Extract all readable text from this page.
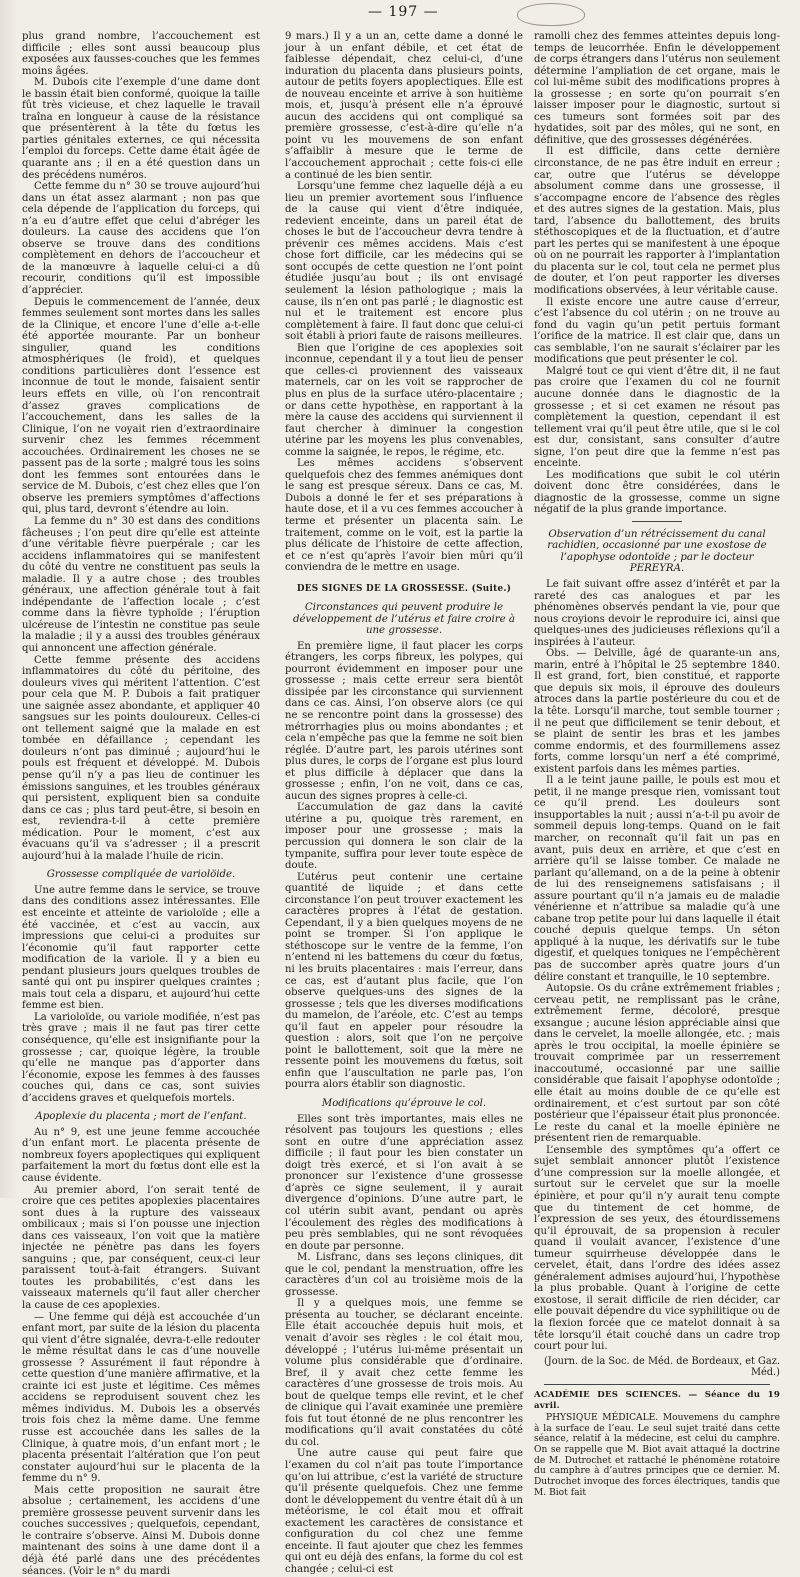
— 197 —

plus grand nombre, l’accouchement est difficile ; elles sont aussi beaucoup plus exposées aux fausses-couches que les femmes moins âgées.

M. Dubois cite l’exemple d’une dame dont le bassin était bien conformé, quoique la taille fût très vicieuse, et chez laquelle le travail traîna en longueur à cause de la résistance que présentèrent à la tête du fœtus les parties génitales externes, ce qui nécessita l’emploi du forceps. Cette dame était âgée de quarante ans ; il en a été question dans un des précédens numéros.

Cette femme du n° 30 se trouve aujourd’hui dans un état assez alarmant ; non pas que cela dépende de l’application du forceps, qui n’a eu d’autre effet que celui d’abréger les douleurs. La cause des accidens que l’on observe se trouve dans des conditions complètement en dehors de l’accoucheur et de la manœuvre à laquelle celui-ci a dû recourir, conditions qu’il est impossible d’apprécier.

Depuis le commencement de l’année, deux femmes seulement sont mortes dans les salles de la Clinique, et encore l’une d’elle a-t-elle été apportée mourante. Par un bonheur singulier, quand les conditions atmosphériques (le froid), et quelques conditions particulières dont l’essence est inconnue de tout le monde, faisaient sentir leurs effets en ville, où l’on rencontrait d’assez graves complications de l’accouchement, dans les salles de la Clinique, l’on ne voyait rien d’extraordinaire survenir chez les femmes récemment accouchées. Ordinairement les choses ne se passent pas de la sorte ; malgré tous les soins dont les femmes sont entourées dans le service de M. Dubois, c’est chez elles que l’on observe les premiers symptômes d’affections qui, plus tard, devront s’étendre au loin.

La femme du n° 30 est dans des conditions fâcheuses ; l’on peut dire qu’elle est atteinte d’une véritable fièvre puerpérale ; car les accidens inflammatoires qui se manifestent du côté du ventre ne constituent pas seuls la maladie. Il y a autre chose ; des troubles généraux, une affection générale tout à fait indépendante de l’affection locale ; c’est comme dans la fièvre typhoïde ; l’éruption ulcéreuse de l’intestin ne constitue pas seule la maladie ; il y a aussi des troubles généraux qui annoncent une affection générale.

Cette femme présente des accidens inflammatoires du côté du péritoine, des douleurs vives qui méritent l’attention. C’est pour cela que M. P. Dubois a fait pratiquer une saignée assez abondante, et appliquer 40 sangsues sur les points douloureux. Celles-ci ont tellement saigné que la malade en est tombée en défaillance ; cependant les douleurs n’ont pas diminué ; aujourd’hui le pouls est fréquent et développé. M. Dubois pense qu’il n’y a pas lieu de continuer les émissions sanguines, et les troubles généraux qui persistent, expliquent bien sa conduite dans ce cas ; plus tard peut-être, si besoin en est, reviendra-t-il à cette première médication. Pour le moment, c’est aux évacuans qu’il va s’adresser ; il a prescrit aujourd’hui à la malade l’huile de ricin.

Grossesse compliquée de variolöide.

Une autre femme dans le service, se trouve dans des conditions assez intéressantes. Elle est enceinte et atteinte de varioloïde ; elle a été vaccinée, et c’est au vaccin, aux impressions que celui-ci a produites sur l’économie qu’il faut rapporter cette modification de la variole. Il y a bien eu pendant plusieurs jours quelques troubles de santé qui ont pu inspirer quelques craintes ; mais tout cela a disparu, et aujourd’hui cette femme est bien.

La varioloïde, ou variole modifiée, n’est pas très grave ; mais il ne faut pas tirer cette conséquence, qu’elle est insignifiante pour la grossesse ; car, quoique légère, la trouble qu’elle ne manque pas d’apporter dans l’économie, expose les femmes à des fausses couches qui, dans ce cas, sont suivies d’accidens graves et quelquefois mortels.

Apoplexie du placenta ; mort de l’enfant.

Au n° 9, est une jeune femme accouchée d’un enfant mort. Le placenta présente de nombreux foyers apoplectiques qui expliquent parfaitement la mort du fœtus dont elle est la cause évidente.

Au premier abord, l’on serait tenté de croire que ces petites apoplexies placentaires sont dues à la rupture des vaisseaux ombilicaux ; mais si l’on pousse une injection dans ces vaisseaux, l’on voit que la matière injectée ne pénètre pas dans les foyers sanguins ; que, par conséquent, ceux-ci leur paraissent tout-à-fait étrangers. Suivant toutes les probabilités, c’est dans les vaisseaux maternels qu’il faut aller chercher la cause de ces apoplexies.

— Une femme qui déjà est accouchée d’un enfant mort, par suite de la lésion du placenta qui vient d’être signalée, devra-t-elle redouter le même résultat dans le cas d’une nouvelle grossesse ? Assurément il faut répondre à cette question d’une manière affirmative, et la crainte ici est juste et légitime. Ces mêmes accidens se reproduisent souvent chez les mêmes individus. M. Dubois les a observés trois fois chez la même dame. Une femme russe est accouchée dans les salles de la Clinique, à quatre mois, d’un enfant mort ; le placenta présentait l’altération que l’on peut constater aujourd’hui sur le placenta de la femme du n° 9.

Mais cette proposition ne saurait être absolue ; certainement, les accidens d’une première grossesse peuvent survenir dans les couches successives ; quelquefois, cependant, le contraire s’observe. Ainsi M. Dubois donne maintenant des soins à une dame dont il a déjà été parlé dans une des précédentes séances. (Voir le n° du mardi

9 mars.) Il y a un an, cette dame a donné le jour à un enfant débile, et cet état de faiblesse dépendait, chez celui-ci, d’une induration du placenta dans plusieurs points, autour de petits foyers apoplectiques. Elle est de nouveau enceinte et arrive à son huitième mois, et, jusqu’à présent elle n’a éprouvé aucun des accidens qui ont compliqué sa première grossesse, c’est-à-dire qu’elle n’a point vu les mouvemens de son enfant s’affaiblir à mesure que le terme de l’accouchement approchait ; cette fois-ci elle a continué de les bien sentir.

Lorsqu’une femme chez laquelle déjà a eu lieu un premier avortement sous l’influence de la cause qui vient d’être indiquée, redevient enceinte, dans un pareil état de choses le but de l’accoucheur devra tendre à prévenir ces mêmes accidens. Mais c’est chose fort difficile, car les médecins qui se sont occupés de cette question ne l’ont point étudiée jusqu’au bout ; ils ont envisagé seulement la lésion pathologique ; mais la cause, ils n’en ont pas parlé ; le diagnostic est nul et le traitement est encore plus complètement à faire. Il faut donc que celui-ci soit établi à priori faute de raisons meilleures.

Bien que l’origine de ces apoplexies soit inconnue, cependant il y a tout lieu de penser que celles-ci proviennent des vaisseaux maternels, car on les voit se rapprocher de plus en plus de la surface utéro-placentaire ; or dans cette hypothèse, en rapportant à la mère la cause des accidens qui surviennent il faut chercher à diminuer la congestion utérine par les moyens les plus convenables, comme la saignée, le repos, le régime, etc.

Les mêmes accidens s’observent quelquefois chez des femmes anémiques dont le sang est presque séreux. Dans ce cas, M. Dubois a donné le fer et ses préparations à haute dose, et il a vu ces femmes accoucher à terme et présenter un placenta sain. Le traitement, comme on le voit, est la partie la plus délicate de l’histoire de cette affection, et ce n’est qu’après l’avoir bien mûri qu’il conviendra de le mettre en usage.

DES SIGNES DE LA GROSSESSE. (Suite.)
Circonstances qui peuvent produire le développement de l’utérus et faire croire à une grossesse.

En première ligne, il faut placer les corps étrangers, les corps fibreux, les polypes, qui pourront évidemment en imposer pour une grossesse ; mais cette erreur sera bientôt dissipée par les circonstance qui surviennent dans ce cas. Ainsi, l’on observe alors (ce qui ne se rencontre point dans la grossesse) des métrorrhagies plus ou moins abondantes ; et cela n’empêche pas que la femme ne soit bien réglée. D’autre part, les parois utérines sont plus dures, le corps de l’organe est plus lourd et plus difficile à déplacer que dans la grossesse ; enfin, l’on ne voit, dans ce cas, aucun des signes propres à celle-ci.

L’accumulation de gaz dans la cavité utérine a pu, quoique très rarement, en imposer pour une grossesse ; mais la percussion qui donnera le son clair de la tympanite, suffira pour lever toute espèce de doute.

L’utérus peut contenir une certaine quantité de liquide ; et dans cette circonstance l’on peut trouver exactement les caractères propres à l’état de gestation. Cependant, il y a bien quelques moyens de ne point se tromper. Si l’on applique le stéthoscope sur le ventre de la femme, l’on n’entend ni les battemens du cœur du fœtus, ni les bruits placentaires : mais l’erreur, dans ce cas, est d’autant plus facile, que l’on observe quelques-uns des signes de la grossesse ; tels que les diverses modifications du mamelon, de l’aréole, etc. C’est au temps qu’il faut en appeler pour résoudre la question : alors, soit que l’on ne perçoive point le ballottement, soit que la mère ne ressente point les mouvemens du fœtus, soit enfin que l’auscultation ne parle pas, l’on pourra alors établir son diagnostic.

Modifications qu’éprouve le col.

Elles sont très importantes, mais elles ne résolvent pas toujours les questions ; elles sont en outre d’une appréciation assez difficile ; il faut pour les bien constater un doigt très exercé, et si l’on avait à se prononcer sur l’existence d’une grossesse d’après ce signe seulement, il y aurait divergence d’opinions. D’une autre part, le col utérin subit avant, pendant ou après l’écoulement des règles des modifications à peu près semblables, qui ne sont révoquées en doute par personne.

M. Lisfranc, dans ses leçons cliniques, dit que le col, pendant la menstruation, offre les caractères d’un col au troisième mois de la grossesse.

Il y a quelques mois, une femme se présenta au toucher, se déclarant enceinte. Elle était accouchée depuis huit mois, et venait d’avoir ses règles : le col était mou, développé ; l’utérus lui-même présentait un volume plus considérable que d’ordinaire. Bref, il y avait chez cette femme les caractères d’une grossesse de trois mois. Au bout de quelque temps elle revint, et le chef de clinique qui l’avait examinée une première fois fut tout étonné de ne plus rencontrer les modifications qu’il avait constatées du côté du col.

Une autre cause qui peut faire que l’examen du col n’ait pas toute l’importance qu’on lui attribue, c’est la variété de structure qu’il présente quelquefois. Chez une femme dont le développement du ventre était dû à un météorisme, le col était mou et offrait exactement les caractères de consistance et configuration du col chez une femme enceinte. Il faut ajouter que chez les femmes qui ont eu déjà des enfans, la forme du col est changée ; celui-ci est

ramolli chez des femmes atteintes depuis long-temps de leucorrhée. Enfin le développement de corps étrangers dans l’utérus non seulement détermine l’ampliation de cet organe, mais le col lui-même subit des modifications propres à la grossesse ; en sorte qu’on pourrait s’en laisser imposer pour le diagnostic, surtout si ces tumeurs sont formées soit par des hydatides, soit par des môles, qui ne sont, en définitive, que des grossesses dégénérées.

Il est difficile, dans cette dernière circonstance, de ne pas être induit en erreur ; car, outre que l’utérus se développe absolument comme dans une grossesse, il s’accompagne encore de l’absence des règles et des autres signes de la gestation. Mais, plus tard, l’absence du ballottement, des bruits stéthoscopiques et de la fluctuation, et d’autre part les pertes qui se manifestent à une époque où on ne pourrait les rapporter à l’implantation du placenta sur le col, tout cela ne permet plus de douter, et l’on peut rapporter les diverses modifications observées, à leur véritable cause.

Il existe encore une autre cause d’erreur, c’est l’absence du col utérin ; on ne trouve au fond du vagin qu’un petit pertuis formant l’orifice de la matrice. Il est clair que, dans un cas semblable, l’on ne saurait s’éclairer par les modifications que peut présenter le col.

Malgré tout ce qui vient d’être dit, il ne faut pas croire que l’examen du col ne fournit aucune donnée dans le diagnostic de la grossesse ; et si cet examen ne résout pas complètement la question, cependant il est tellement vrai qu’il peut être utile, que si le col est dur, consistant, sans consulter d’autre signe, l’on peut dire que la femme n’est pas enceinte.

Les modifications que subit le col utérin doivent donc être considérées, dans le diagnostic de la grossesse, comme un signe négatif de la plus grande importance.

Observation d’un rétrécissement du canal rachidien, occasionné par une exostose de l’apophyse odontoïde ; par le docteur PEREYRA.

Le fait suivant offre assez d’intérêt et par la rareté des cas analogues et par les phénomènes observés pendant la vie, pour que nous croyions devoir le reproduire ici, ainsi que quelques-unes des judicieuses réflexions qu’il a inspirées à l’auteur.

Obs. — Delville, âgé de quarante-un ans, marin, entré à l’hôpital le 25 septembre 1840. Il est grand, fort, bien constitué, et rapporte que depuis six mois, il éprouve des douleurs atroces dans la partie postérieure du cou et de la tête. Lorsqu’il marche, tout semble tourner ; il ne peut que difficilement se tenir debout, et se plaint de sentir les bras et les jambes comme endormis, et des fourmillemens assez forts, comme lorsqu’un nerf a été comprimé, existent parfois dans les mêmes parties.

Il a le teint jaune paille, le pouls est mou et petit, il ne mange presque rien, vomissant tout ce qu’il prend. Les douleurs sont insupportables la nuit ; aussi n’a-t-il pu avoir de sommeil depuis long-temps. Quand on le fait marcher, on reconnaît qu’il fait un pas en avant, puis deux en arrière, et que c’est en arrière qu’il se laisse tomber. Ce malade ne parlant qu’allemand, on a de la peine à obtenir de lui des renseignemens satisfaisans ; il assure pourtant qu’il n’a jamais eu de maladie vénérienne et n’attribue sa maladie qu’à une cabane trop petite pour lui dans laquelle il était couché depuis quelque temps. Un séton appliqué à la nuque, les dérivatifs sur le tube digestif, et quelques toniques ne l’empêchèrent pas de succomber après quatre jours d’un délire constant et tranquille, le 10 septembre.

Autopsie. Os du crâne extrêmement friables ; cerveau petit, ne remplissant pas le crâne, extrêmement ferme, décoloré, presque exsangue ; aucune lésion appréciable ainsi que dans le cervelet, la moelle allongée, etc. ; mais après le trou occipital, la moelle épinière se trouvait comprimée par un resserrement inaccoutumé, occasionné par une saillie considérable que faisait l’apophyse odontoïde ; elle était au moins double de ce qu’elle est ordinairement, et c’est surtout par son côté postérieur que l’épaisseur était plus prononcée. Le reste du canal et la moelle épinière ne présentent rien de remarquable.

L’ensemble des symptômes qu’a offert ce sujet semblait annoncer plutôt l’existence d’une compression sur la moelle allongée, et surtout sur le cervelet que sur la moelle épinière, et pour qu’il n’y aurait tenu compte que du tintement de cet homme, de l’expression de ses yeux, des étourdissemens qu’il éprouvait, de sa propension à reculer quand il voulait avancer, l’existence d’une tumeur squirrheuse développée dans le cervelet, était, dans l’ordre des idées assez généralement admises aujourd’hui, l’hypothèse la plus probable. Quant à l’origine de cette exostose, il serait difficile de rien décider, car elle pouvait dépendre du vice syphilitique ou de la flexion forcée que ce matelot donnait à sa tête lorsqu’il était couché dans un cadre trop court pour lui.

(Journ. de la Soc. de Méd. de Bordeaux, et Gaz. Méd.)
ACADÉMIE DES SCIENCES. — Séance du 19 avril.

PHYSIQUE MÉDICALE. Mouvemens du camphre à la surface de l’eau. Le seul sujet traité dans cette séance, relatif à la médecine, est celui du camphre. On se rappelle que M. Biot avait attaqué la doctrine de M. Dutrochet et rattaché le phénomène rotatoire du camphre à d’autres principes que ce dernier. M. Dutrochet invoque des forces électriques, tandis que M. Biot fait
